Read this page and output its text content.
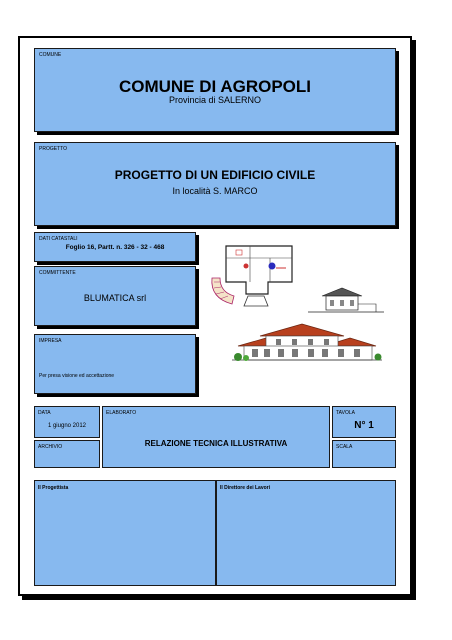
COMUNE
COMUNE DI AGROPOLI
Provincia di SALERNO
PROGETTO
PROGETTO DI UN EDIFICIO CIVILE
In località S. MARCO
DATI CATASTALI
Foglio 16, Partt. n. 326 - 32 - 468
COMMITTENTE
BLUMATICA srl
IMPRESA
Per presa visione ed accettazione
DATA
1 giugno 2012
ARCHIVIO
ELABORATO
RELAZIONE TECNICA ILLUSTRATIVA
TAVOLA
N° 1
SCALA
Il Progettista	Il Direttore dei Lavori
